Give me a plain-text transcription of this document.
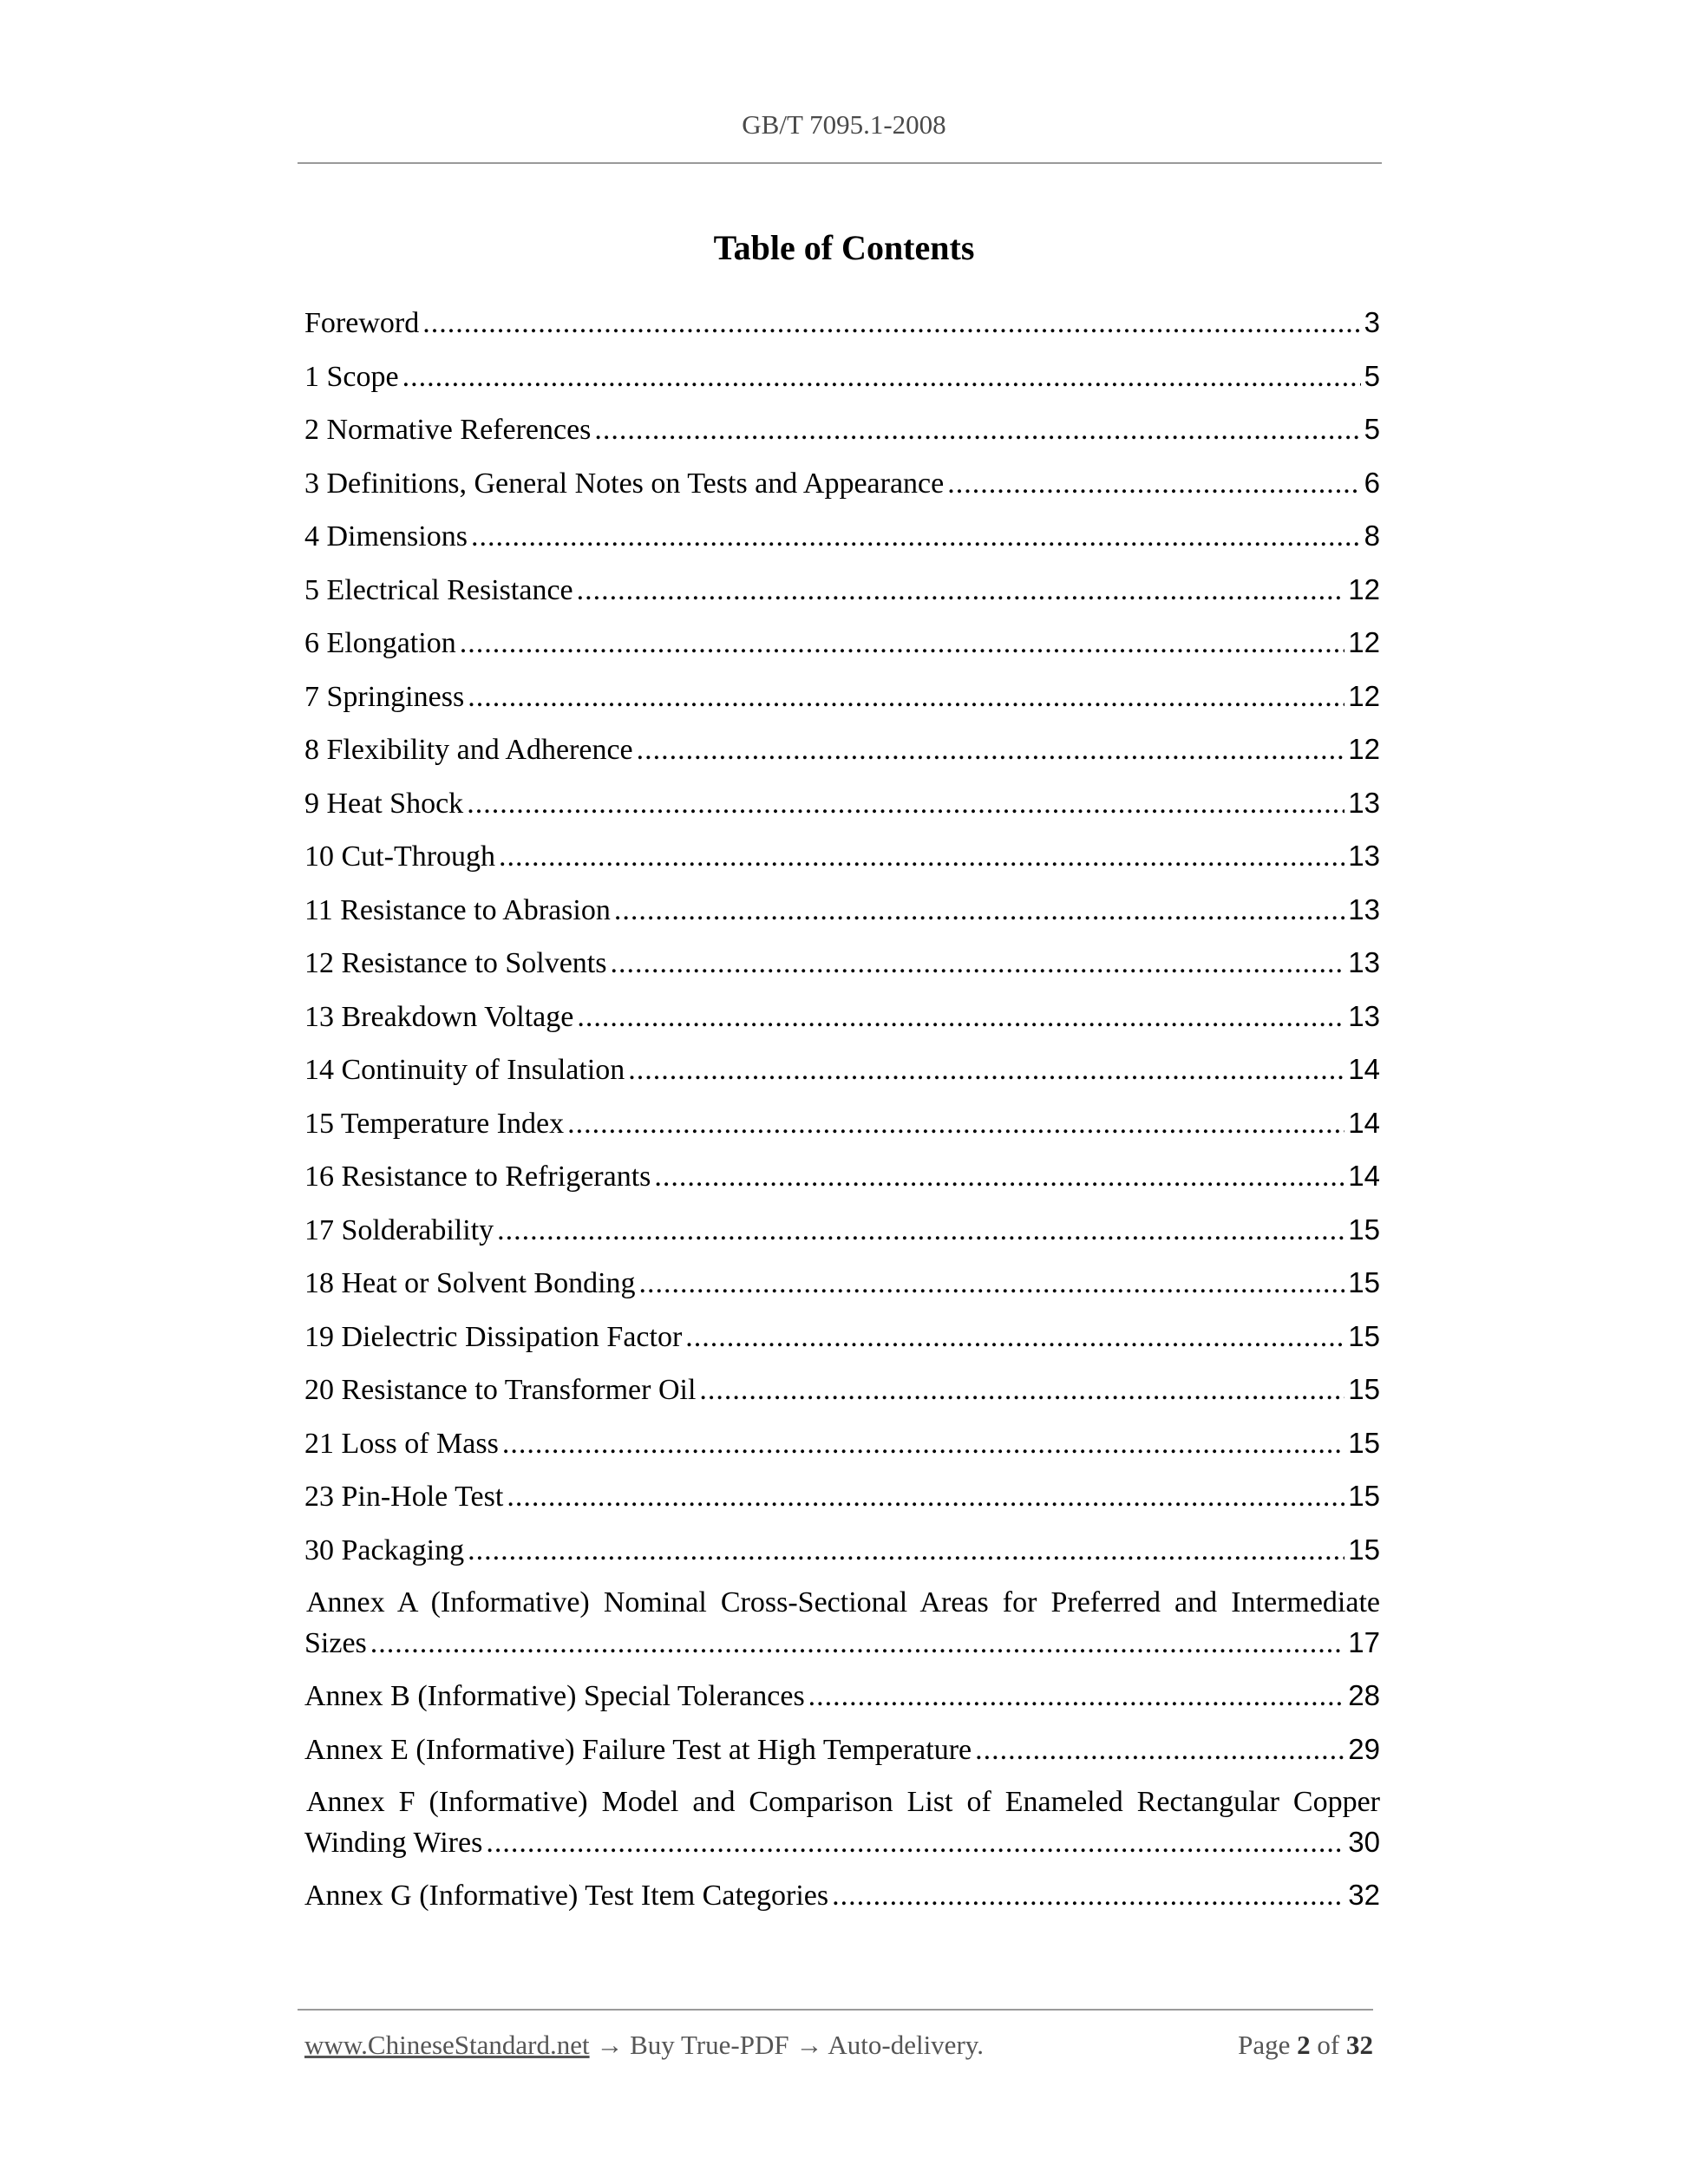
GB/T 7095.1-2008
Table of Contents
Foreword .....	3
1 Scope .....	5
2 Normative References .....	5
3 Definitions, General Notes on Tests and Appearance .....	6
4 Dimensions .....	8
5 Electrical Resistance .....	12
6 Elongation .....	12
7 Springiness .....	12
8 Flexibility and Adherence .....	12
9 Heat Shock .....	13
10 Cut-Through .....	13
11 Resistance to Abrasion .....	13
12 Resistance to Solvents .....	13
13 Breakdown Voltage .....	13
14 Continuity of Insulation .....	14
15 Temperature Index .....	14
16 Resistance to Refrigerants .....	14
17 Solderability .....	15
18 Heat or Solvent Bonding .....	15
19 Dielectric Dissipation Factor .....	15
20 Resistance to Transformer Oil .....	15
21 Loss of Mass .....	15
23 Pin-Hole Test .....	15
30 Packaging .....	15
Annex A (Informative) Nominal Cross-Sectional Areas for Preferred and Intermediate
Sizes .....	17
Annex B (Informative) Special Tolerances .....	28
Annex E (Informative) Failure Test at High Temperature .....	29
Annex F (Informative) Model and Comparison List of Enameled Rectangular Copper
Winding Wires .....	30
Annex G (Informative) Test Item Categories .....	32
www.ChineseStandard.net → Buy True-PDF → Auto-delivery.	Page 2 of 32
